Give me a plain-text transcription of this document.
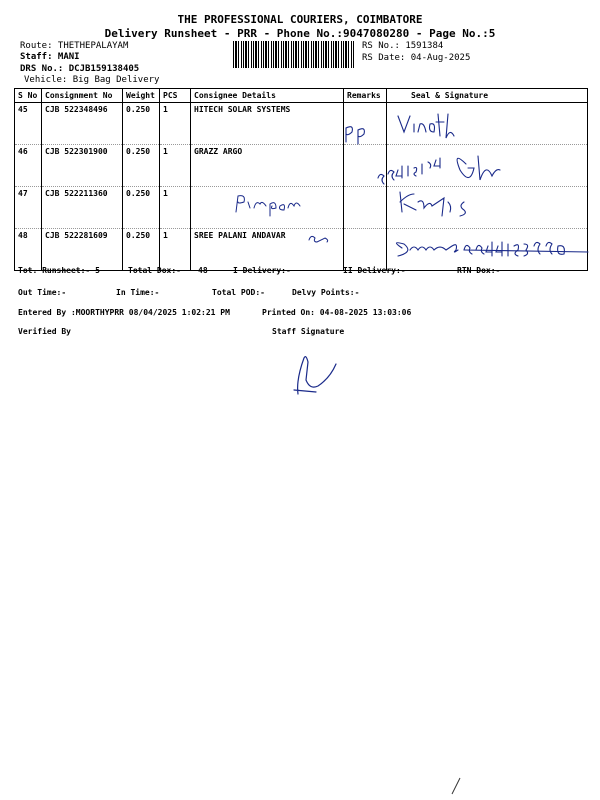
THE PROFESSIONAL COURIERS, COIMBATORE
Delivery Runsheet - PRR - Phone No.:9047080280 - Page No.:5
Route: THETHEPALAYAM
Staff: MANI
DRS No.: DCJB159138405
Vehicle: Big Bag Delivery
RS No.: 1591384
RS Date: 04-Aug-2025
S No	Consignment No	Weight	PCS	Consignee Details	Remarks	Seal & Signature
45	CJB 522348496	0.250	1	HITECH SOLAR SYSTEMS		
46	CJB 522301900	0.250	1	GRAZZ ARGO		
47	CJB 522211360	0.250	1			
48	CJB 522281609	0.250	1	SREE PALANI ANDAVAR		
Tot. Runsheet:- 5	Total Dox:- 48	I Delivery:-	II Delivery:-	RTN Dox:-
Out Time:-	In Time:-	Total POD:-	Delvy Points:-
Entered By :MOORTHYPRR 08/04/2025 1:02:21 PM	Printed On: 04-08-2025 13:03:06
Verified By	Staff Signature
